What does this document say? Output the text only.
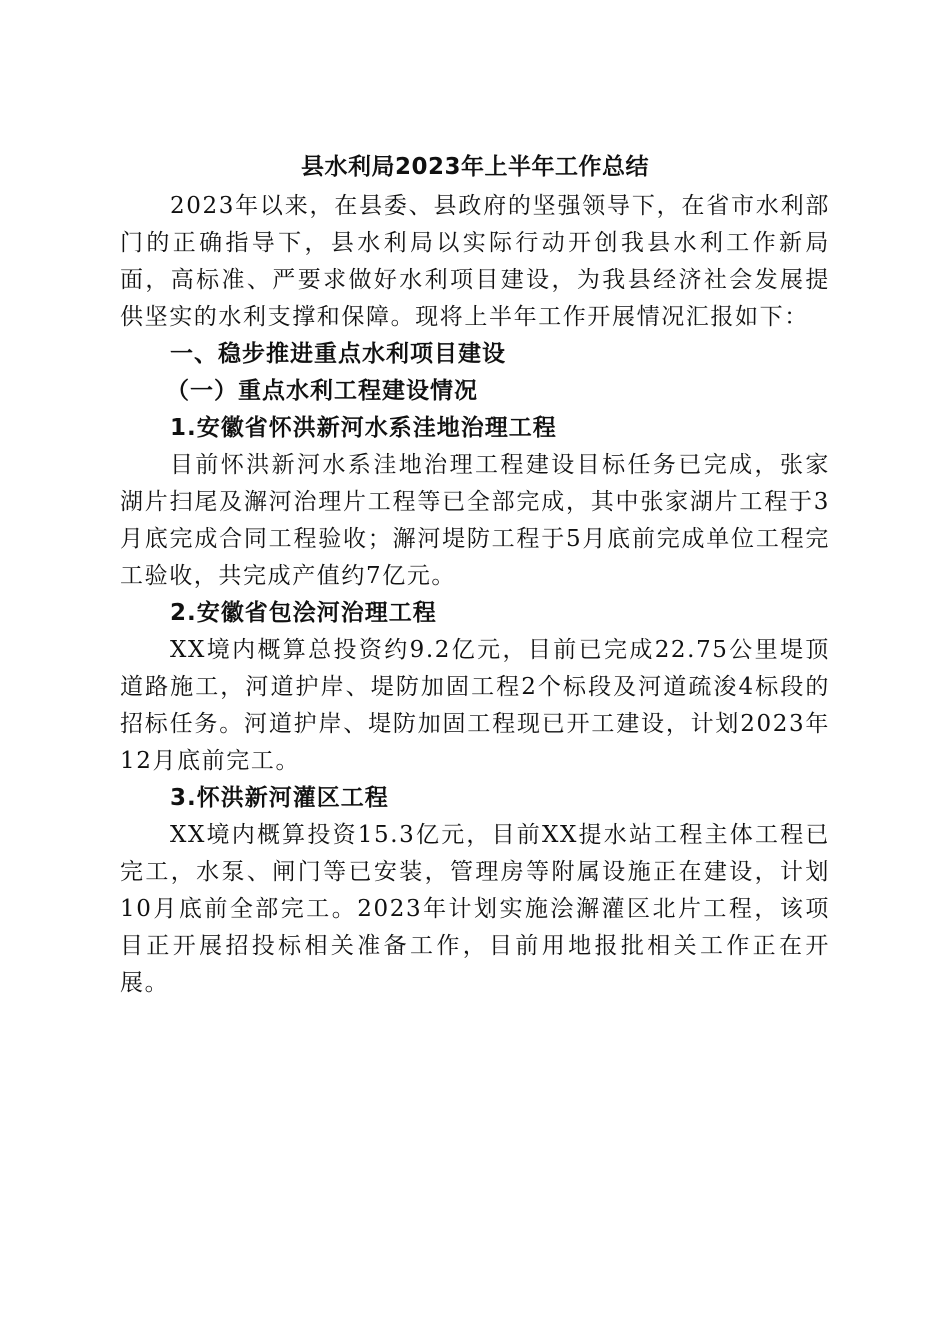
县水利局2023年上半年工作总结

2023年以来，在县委、县政府的坚强领导下，在省市水利部门的正确指导下，县水利局以实际行动开创我县水利工作新局面，高标准、严要求做好水利项目建设，为我县经济社会发展提供坚实的水利支撑和保障。现将上半年工作开展情况汇报如下：

一、稳步推进重点水利项目建设
（一）重点水利工程建设情况
1.安徽省怀洪新河水系洼地治理工程

目前怀洪新河水系洼地治理工程建设目标任务已完成，张家湖片扫尾及澥河治理片工程等已全部完成，其中张家湖片工程于3月底完成合同工程验收；澥河堤防工程于5月底前完成单位工程完工验收，共完成产值约7亿元。

2.安徽省包浍河治理工程

XX境内概算总投资约9.2亿元，目前已完成22.75公里堤顶道路施工，河道护岸、堤防加固工程2个标段及河道疏浚4标段的招标任务。河道护岸、堤防加固工程现已开工建设，计划2023年12月底前完工。

3.怀洪新河灌区工程

XX境内概算投资15.3亿元，目前XX提水站工程主体工程已完工，水泵、闸门等已安装，管理房等附属设施正在建设，计划10月底前全部完工。2023年计划实施浍澥灌区北片工程，该项目正开展招投标相关准备工作，目前用地报批相关工作正在开展。
